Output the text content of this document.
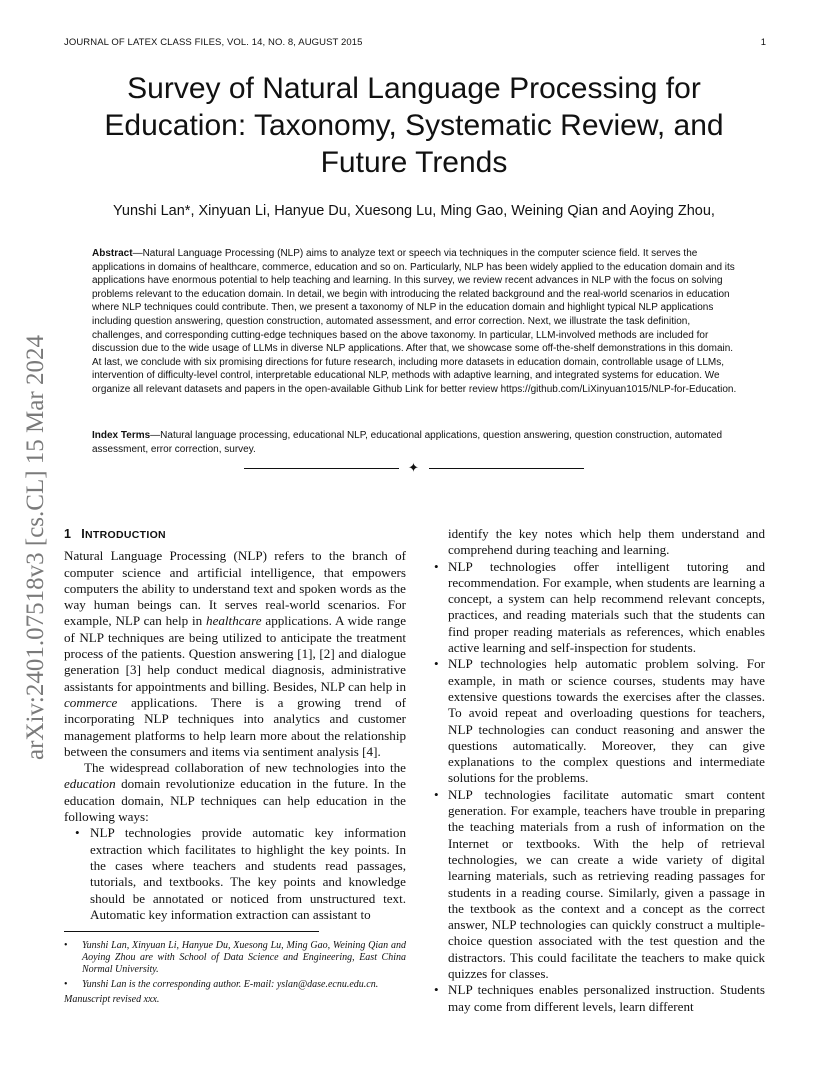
JOURNAL OF LATEX CLASS FILES, VOL. 14, NO. 8, AUGUST 2015	1
Survey of Natural Language Processing for
Education: Taxonomy, Systematic Review, and
Future Trends
Yunshi Lan*, Xinyuan Li, Hanyue Du, Xuesong Lu, Ming Gao, Weining Qian and Aoying Zhou,
Abstract—Natural Language Processing (NLP) aims to analyze text or speech via techniques in the computer science field. It serves the applications in domains of healthcare, commerce, education and so on. Particularly, NLP has been widely applied to the education domain and its applications have enormous potential to help teaching and learning. In this survey, we review recent advances in NLP with the focus on solving problems relevant to the education domain. In detail, we begin with introducing the related background and the real-world scenarios in education where NLP techniques could contribute. Then, we present a taxonomy of NLP in the education domain and highlight typical NLP applications including question answering, question construction, automated assessment, and error correction. Next, we illustrate the task definition, challenges, and corresponding cutting-edge techniques based on the above taxonomy. In particular, LLM-involved methods are included for discussion due to the wide usage of LLMs in diverse NLP applications. After that, we showcase some off-the-shelf demonstrations in this domain. At last, we conclude with six promising directions for future research, including more datasets in education domain, controllable usage of LLMs, intervention of difficulty-level control, interpretable educational NLP, methods with adaptive learning, and integrated systems for education. We organize all relevant datasets and papers in the open-available Github Link for better review https://github.com/LiXinyuan1015/NLP-for-Education.
Index Terms—Natural language processing, educational NLP, educational applications, question answering, question construction, automated assessment, error correction, survey.
✦
arXiv:2401.07518v3 [cs.CL] 15 Mar 2024 1 INTRODUCTION

Natural Language Processing (NLP) refers to the branch of computer science and artificial intelligence, that empowers computers the ability to understand text and spoken words as the way human beings can. It serves real-world scenarios. For example, NLP can help in healthcare applications. A wide range of NLP techniques are being utilized to anticipate the treatment process of the patients. Question answering [1], [2] and dialogue generation [3] help conduct medical diagnosis, administrative assistants for appointments and billing. Besides, NLP can help in commerce applications. There is a growing trend of incorporating NLP techniques into analytics and customer management platforms to help learn more about the relationship between the consumers and items via sentiment analysis [4].

The widespread collaboration of new technologies into the education domain revolutionize education in the future. In the education domain, NLP techniques can help education in the following ways:

• NLP technologies provide automatic key information extraction which facilitates to highlight the key points. In the cases where teachers and students read passages, tutorials, and textbooks. The key points and knowledge should be annotated or noticed from unstructured text. Automatic key information extraction can assistant to
• Yunshi Lan, Xinyuan Li, Hanyue Du, Xuesong Lu, Ming Gao, Weining Qian and Aoying Zhou are with School of Data Science and Engineering, East China Normal University.
• Yunshi Lan is the corresponding author. E-mail: yslan@dase.ecnu.edu.cn.
Manuscript revised xxx.

identify the key notes which help them understand and comprehend during teaching and learning.

• NLP technologies offer intelligent tutoring and recommendation. For example, when students are learning a concept, a system can help recommend relevant concepts, practices, and reading materials such that the students can find proper reading materials as references, which enables active learning and self-inspection for students.
• NLP technologies help automatic problem solving. For example, in math or science courses, students may have extensive questions towards the exercises after the classes. To avoid repeat and overloading questions for teachers, NLP technologies can conduct reasoning and answer the questions automatically. Moreover, they can give explanations to the complex questions and intermediate solutions for the problems.
• NLP technologies facilitate automatic smart content generation. For example, teachers have trouble in preparing the teaching materials from a rush of information on the Internet or textbooks. With the help of retrieval technologies, we can create a wide variety of digital learning materials, such as retrieving reading passages for students in a reading course. Similarly, given a passage in the textbook as the context and a concept as the correct answer, NLP technologies can quickly construct a multiple-choice question associated with the test question and the distractors. This could facilitate the teachers to make quick quizzes for classes.
• NLP techniques enables personalized instruction. Students may come from different levels, learn different
